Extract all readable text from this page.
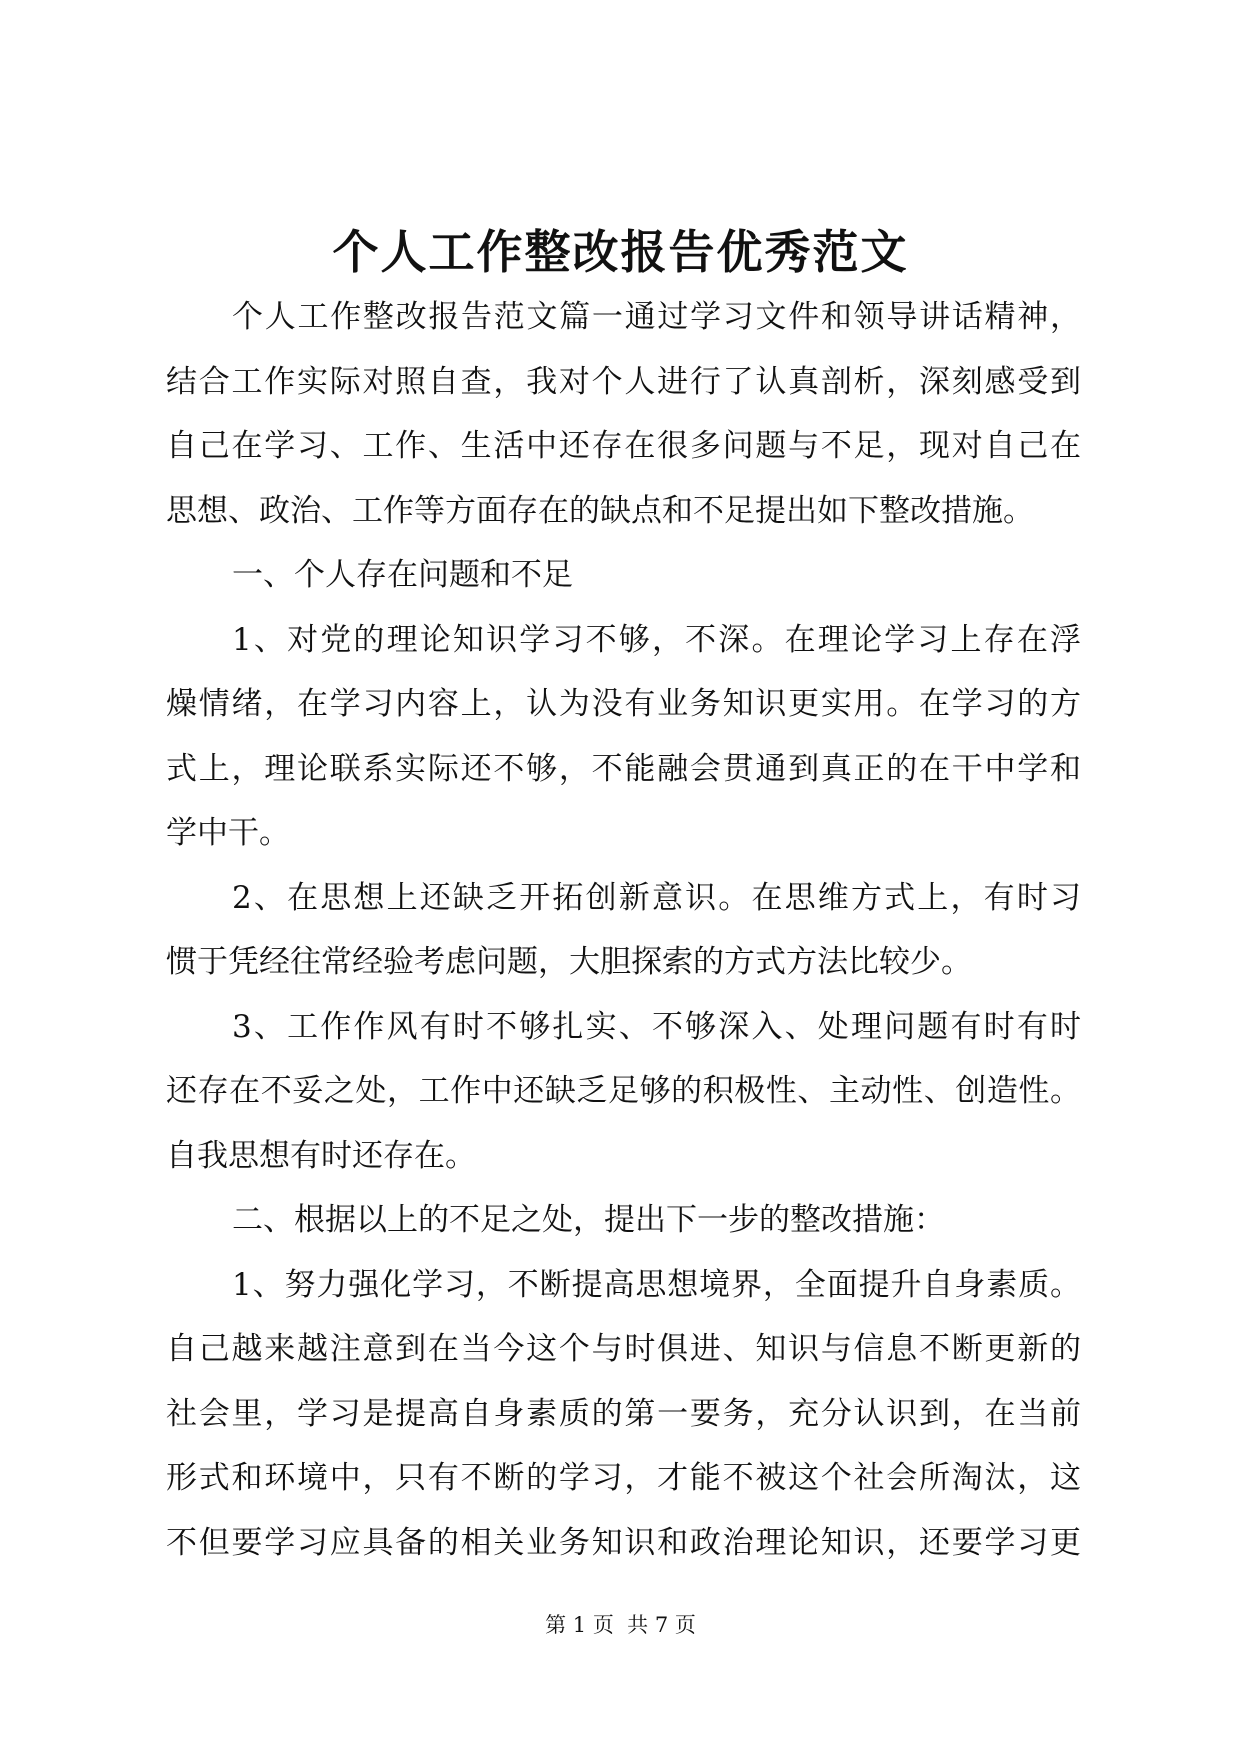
个人工作整改报告优秀范文
个人工作整改报告范文篇一通过学习文件和领导讲话精神，
结合工作实际对照自查，我对个人进行了认真剖析，深刻感受到
自己在学习、工作、生活中还存在很多问题与不足，现对自己在
思想、政治、工作等方面存在的缺点和不足提出如下整改措施。
一、个人存在问题和不足
1、对党的理论知识学习不够，不深。在理论学习上存在浮
燥情绪，在学习内容上，认为没有业务知识更实用。在学习的方
式上，理论联系实际还不够，不能融会贯通到真正的在干中学和
学中干。
2、在思想上还缺乏开拓创新意识。在思维方式上，有时习
惯于凭经往常经验考虑问题，大胆探索的方式方法比较少。
3、工作作风有时不够扎实、不够深入、处理问题有时有时
还存在不妥之处，工作中还缺乏足够的积极性、主动性、创造性。
自我思想有时还存在。
二、根据以上的不足之处，提出下一步的整改措施：
1、努力强化学习，不断提高思想境界，全面提升自身素质。
自己越来越注意到在当今这个与时俱进、知识与信息不断更新的
社会里，学习是提高自身素质的第一要务，充分认识到，在当前
形式和环境中，只有不断的学习，才能不被这个社会所淘汰，这
不但要学习应具备的相关业务知识和政治理论知识，还要学习更
第 1 页  共 7 页
